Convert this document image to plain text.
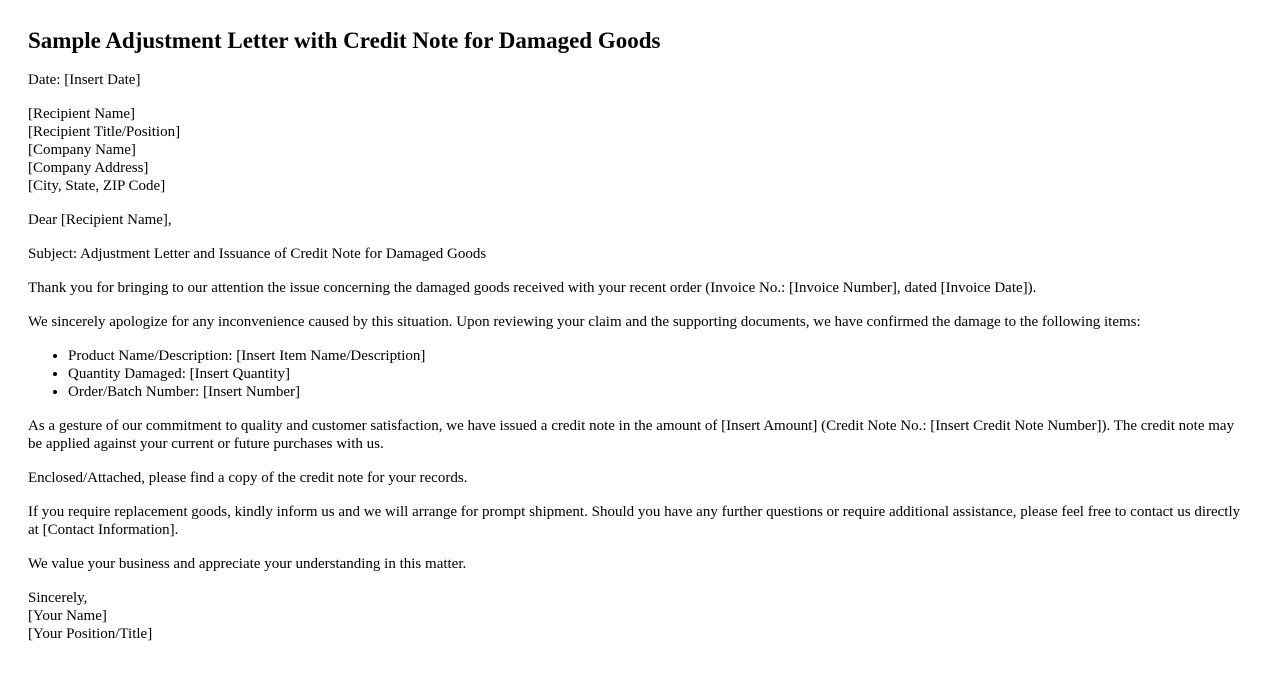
Sample Adjustment Letter with Credit Note for Damaged Goods

Date: [Insert Date]

[Recipient Name]
[Recipient Title/Position]
[Company Name]
[Company Address]
[City, State, ZIP Code]

Dear [Recipient Name],

Subject: Adjustment Letter and Issuance of Credit Note for Damaged Goods

Thank you for bringing to our attention the issue concerning the damaged goods received with your recent order (Invoice No.: [Invoice Number], dated [Invoice Date]).

We sincerely apologize for any inconvenience caused by this situation. Upon reviewing your claim and the supporting documents, we have confirmed the damage to the following items:

• Product Name/Description: [Insert Item Name/Description]
• Quantity Damaged: [Insert Quantity]
• Order/Batch Number: [Insert Number]

As a gesture of our commitment to quality and customer satisfaction, we have issued a credit note in the amount of [Insert Amount] (Credit Note No.: [Insert Credit Note Number]). The credit note may be applied against your current or future purchases with us.

Enclosed/Attached, please find a copy of the credit note for your records.

If you require replacement goods, kindly inform us and we will arrange for prompt shipment. Should you have any further questions or require additional assistance, please feel free to contact us directly at [Contact Information].

We value your business and appreciate your understanding in this matter.

Sincerely,
[Your Name]
[Your Position/Title]
